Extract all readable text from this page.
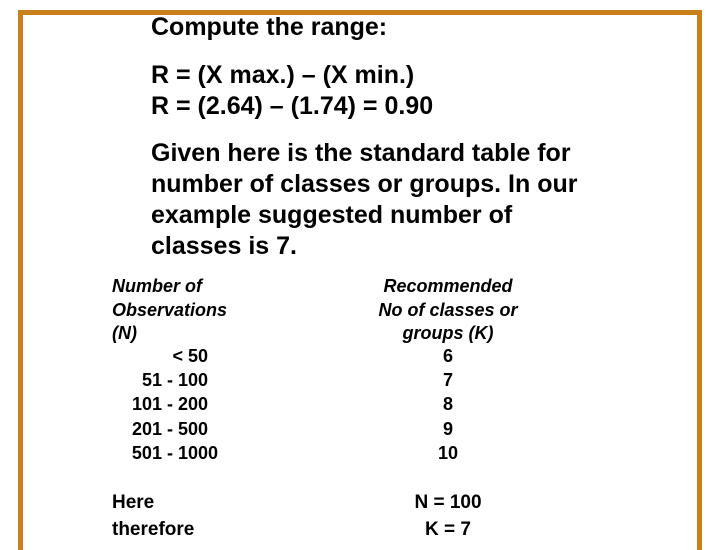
Compute the range:
R = (X max.) – (X min.)
R = (2.64) – (1.74) = 0.90
Given here is the standard table for
number of classes or groups. In our
example suggested number of
classes is 7.
Number of
Observations
(N)
Recommended
No of classes or
groups (K)
< 50
51 - 100
101 - 200
201 - 500
501 - 1000
6
7
8
9
10
Here
therefore
N = 100
K = 7
